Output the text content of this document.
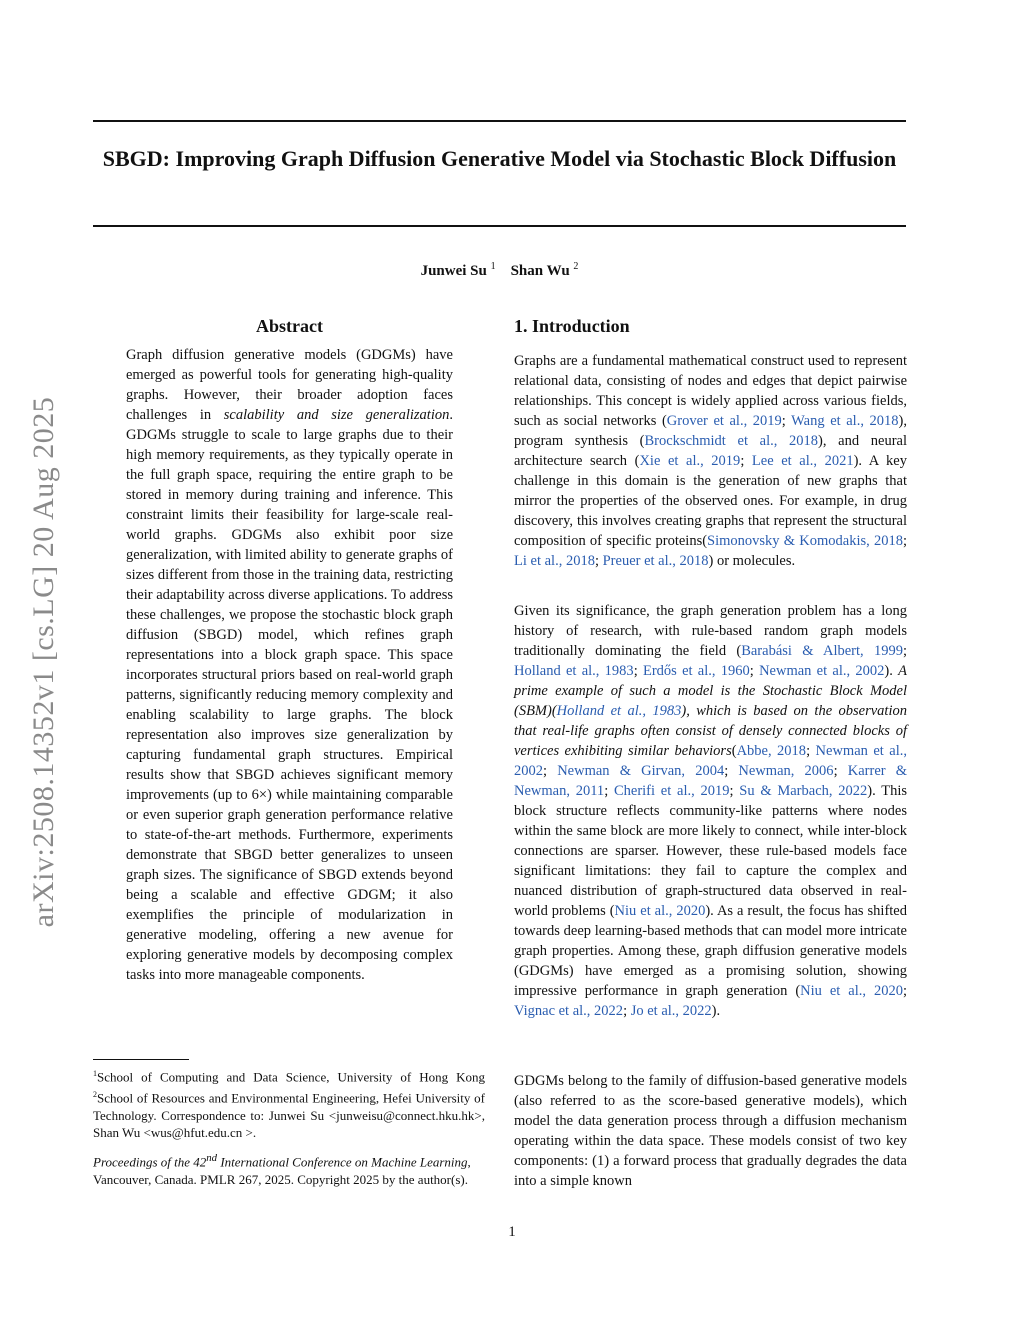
SBGD: Improving Graph Diffusion Generative Model via Stochastic Block Diffusion
Junwei Su $^1$ Shan Wu $^2$
arXiv:2508.14352v1 [cs.LG] 20 Aug 2025
Abstract

Graph diffusion generative models (GDGMs) have emerged as powerful tools for generating high-quality graphs. However, their broader adoption faces challenges in scalability and size generalization. GDGMs struggle to scale to large graphs due to their high memory requirements, as they typically operate in the full graph space, requiring the entire graph to be stored in memory during training and inference. This constraint limits their feasibility for large-scale real-world graphs. GDGMs also exhibit poor size generalization, with limited ability to generate graphs of sizes different from those in the training data, restricting their adaptability across diverse applications. To address these challenges, we propose the stochastic block graph diffusion (SBGD) model, which refines graph representations into a block graph space. This space incorporates structural priors based on real-world graph patterns, significantly reducing memory complexity and enabling scalability to large graphs. The block representation also improves size generalization by capturing fundamental graph structures. Empirical results show that SBGD achieves significant memory improvements (up to 6×) while maintaining comparable or even superior graph generation performance relative to state-of-the-art methods. Furthermore, experiments demonstrate that SBGD better generalizes to unseen graph sizes. The significance of SBGD extends beyond being a scalable and effective GDGM; it also exemplifies the principle of modularization in generative modeling, offering a new avenue for exploring generative models by decomposing complex tasks into more manageable components.

$^1$School of Computing and Data Science, University of Hong Kong $^2$School of Resources and Environmental Engineering, Hefei University of Technology. Correspondence to: Junwei Su <junweisu@connect.hku.hk>, Shan Wu <wus@hfut.edu.cn >.
Proceedings of the 42nd International Conference on Machine Learning, Vancouver, Canada. PMLR 267, 2025. Copyright 2025 by the author(s).
1. Introduction

Graphs are a fundamental mathematical construct used to represent relational data, consisting of nodes and edges that depict pairwise relationships. This concept is widely applied across various fields, such as social networks (Grover et al., 2019; Wang et al., 2018), program synthesis (Brockschmidt et al., 2018), and neural architecture search (Xie et al., 2019; Lee et al., 2021). A key challenge in this domain is the generation of new graphs that mirror the properties of the observed ones. For example, in drug discovery, this involves creating graphs that represent the structural composition of specific proteins(Simonovsky & Komodakis, 2018; Li et al., 2018; Preuer et al., 2018) or molecules.

Given its significance, the graph generation problem has a long history of research, with rule-based random graph models traditionally dominating the field (Barabási & Albert, 1999; Holland et al., 1983; Erdős et al., 1960; Newman et al., 2002). A prime example of such a model is the Stochastic Block Model (SBM)(Holland et al., 1983), which is based on the observation that real-life graphs often consist of densely connected blocks of vertices exhibiting similar behaviors(Abbe, 2018; Newman et al., 2002; Newman & Girvan, 2004; Newman, 2006; Karrer & Newman, 2011; Cherifi et al., 2019; Su & Marbach, 2022). This block structure reflects community-like patterns where nodes within the same block are more likely to connect, while inter-block connections are sparser. However, these rule-based models face significant limitations: they fail to capture the complex and nuanced distribution of graph-structured data observed in real-world problems (Niu et al., 2020). As a result, the focus has shifted towards deep learning-based methods that can model more intricate graph properties. Among these, graph diffusion generative models (GDGMs) have emerged as a promising solution, showing impressive performance in graph generation (Niu et al., 2020; Vignac et al., 2022; Jo et al., 2022).

GDGMs belong to the family of diffusion-based generative models (also referred to as the score-based generative models), which model the data generation process through a diffusion mechanism operating within the data space. These models consist of two key components: (1) a forward process that gradually degrades the data into a simple known

1
